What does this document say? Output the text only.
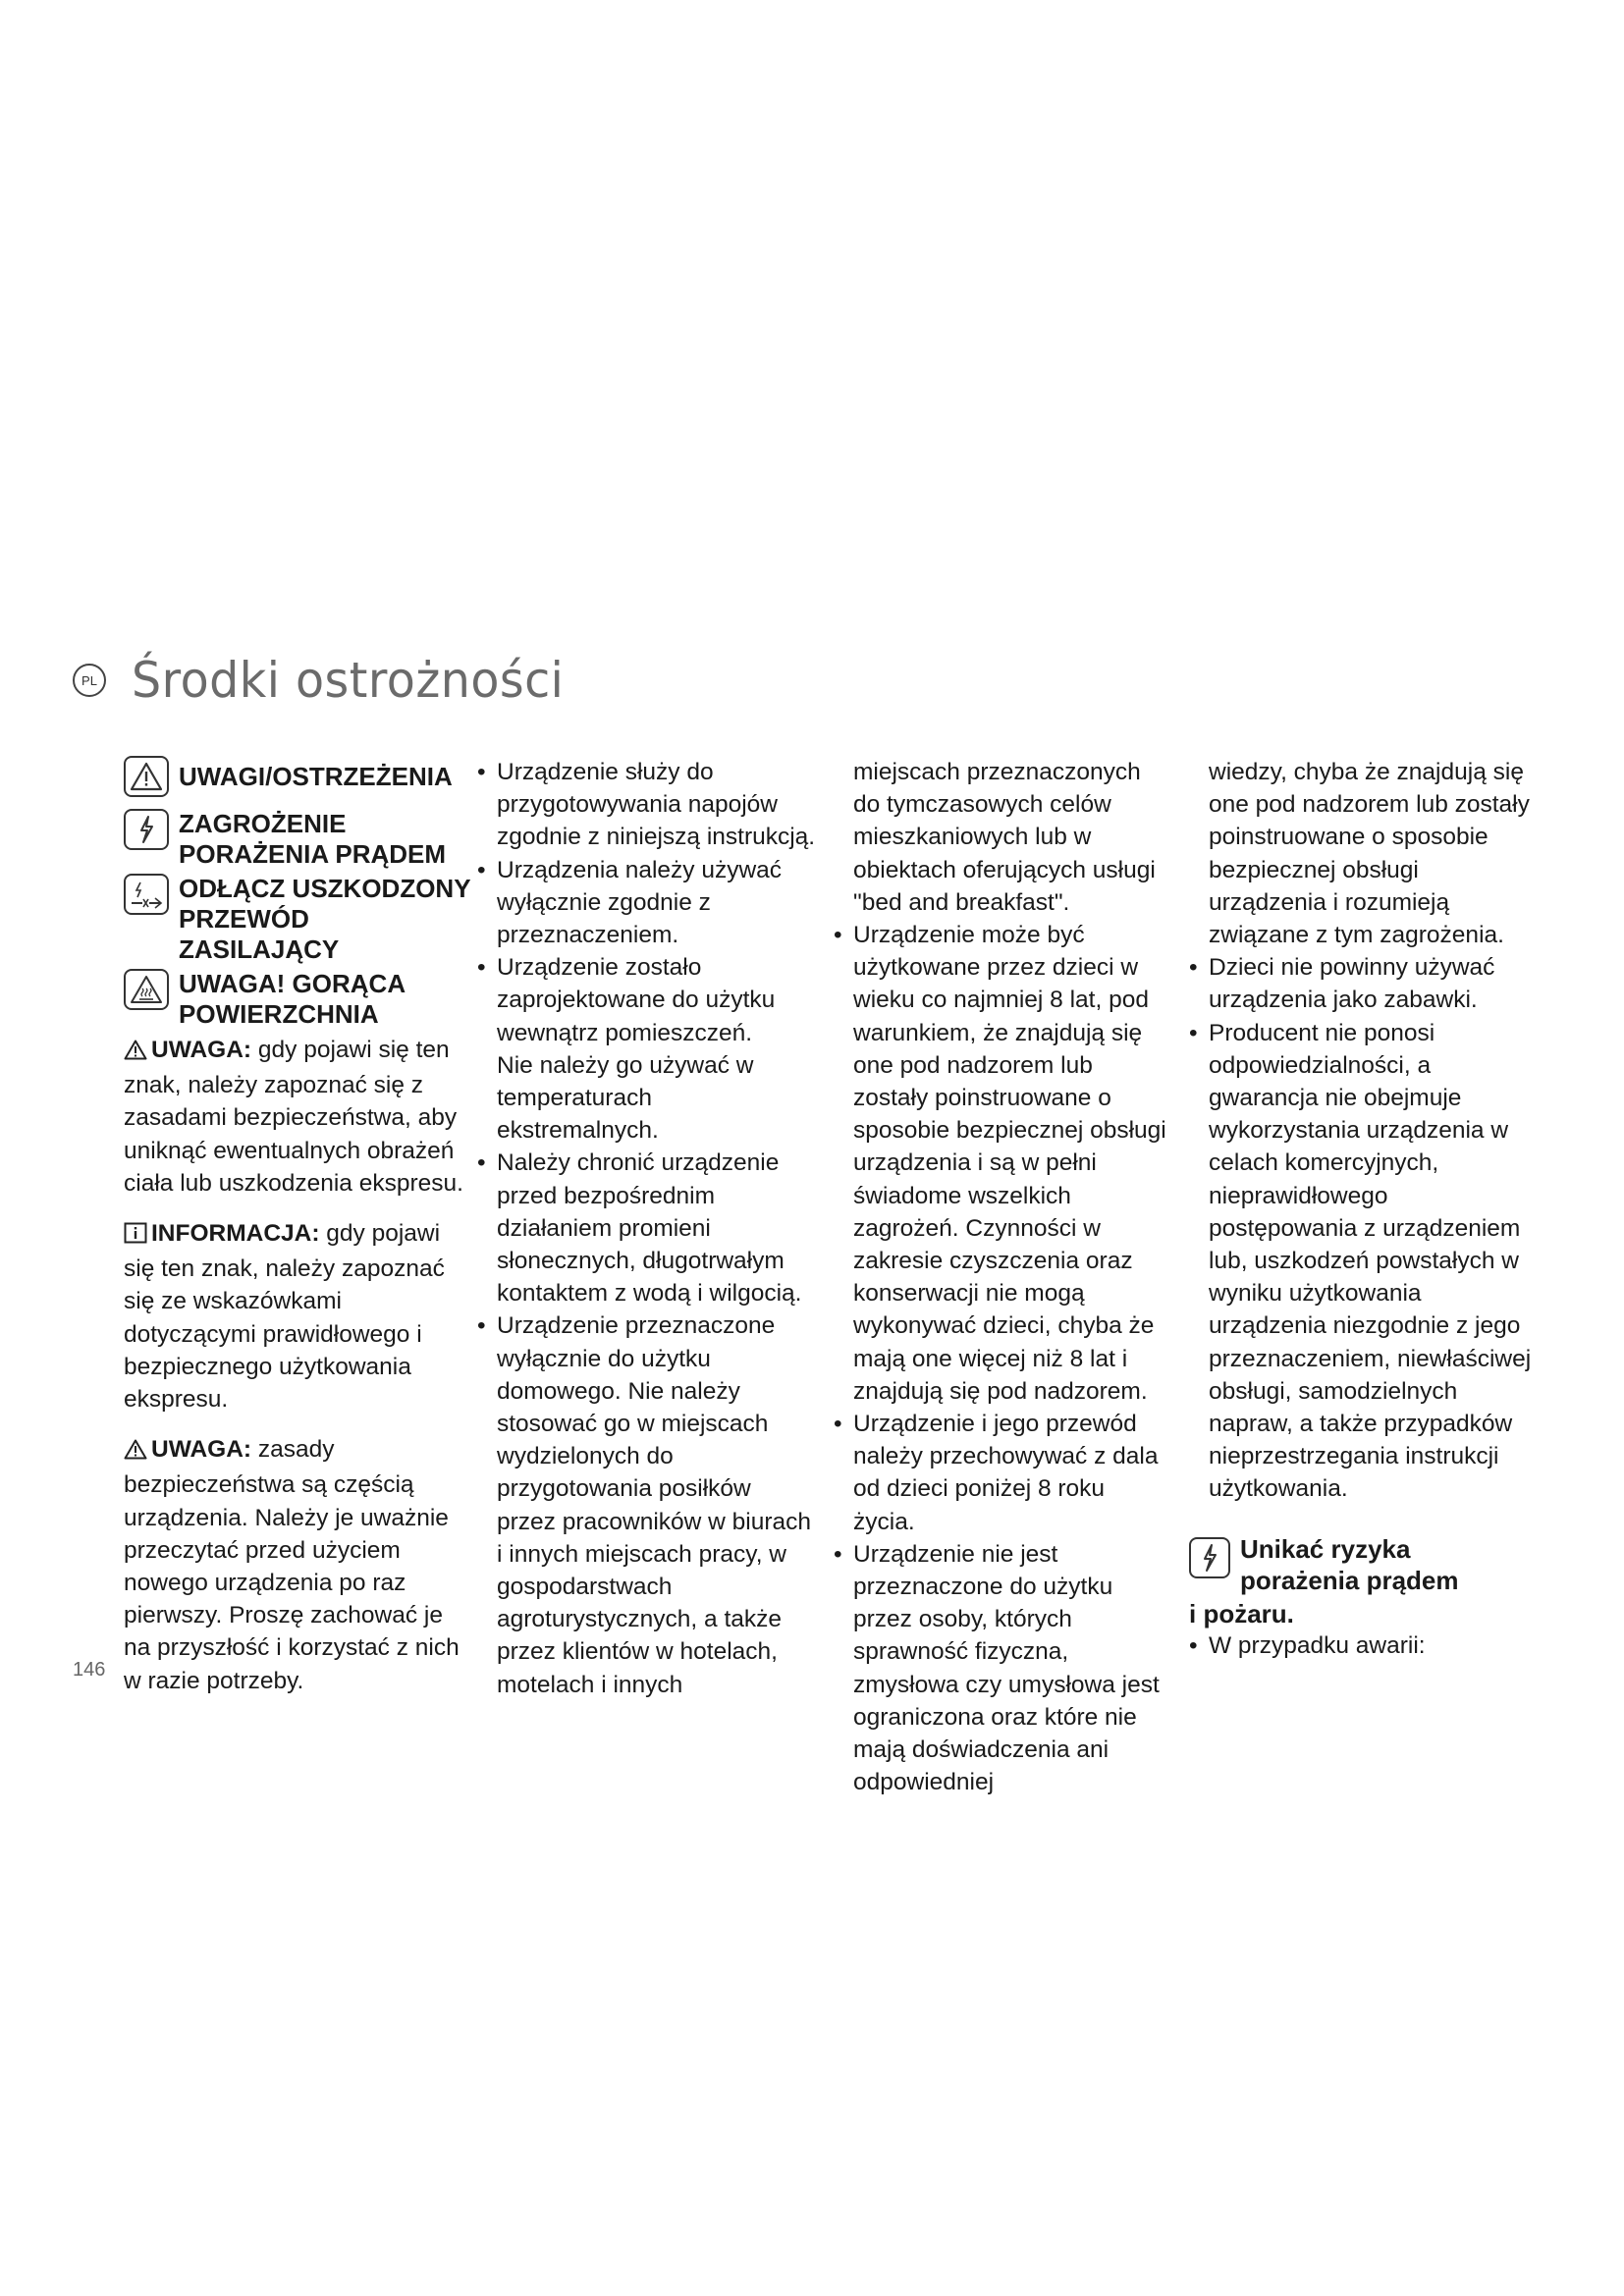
PL Środki ostrożności
UWAGI/OSTRZEŻENIA
ZAGROŻENIE PORAŻENIA PRĄDEM
ODŁĄCZ USZKODZONY PRZEWÓD ZASILAJĄCY
UWAGA! GORĄCA POWIERZCHNIA

UWAGA: gdy pojawi się ten znak, należy zapoznać się z zasadami bezpieczeństwa, aby uniknąć ewentualnych obrażeń ciała lub uszkodzenia ekspresu.

INFORMACJA: gdy pojawi się ten znak, należy zapoznać się ze wskazówkami dotyczącymi prawidłowego i bezpiecznego użytkowania ekspresu.

UWAGA: zasady bezpieczeństwa są częścią urządzenia. Należy je uważnie przeczytać przed użyciem nowego urządzenia po raz pierwszy. Proszę zachować je na przyszłość i korzystać z nich w razie potrzeby.

• Urządzenie służy do przygotowywania napojów zgodnie z niniejszą instrukcją.
• Urządzenia należy używać wyłącznie zgodnie z przeznaczeniem.
• Urządzenie zostało zaprojektowane do użytku wewnątrz pomieszczeń.
Nie należy go używać w temperaturach ekstremalnych.
• Należy chronić urządzenie przed bezpośrednim działaniem promieni słonecznych, długotrwałym kontaktem z wodą i wilgocią.
• Urządzenie przeznaczone wyłącznie do użytku domowego. Nie należy stosować go w miejscach wydzielonych do przygotowania posiłków przez pracowników w biurach i innych miejscach pracy, w gospodarstwach agroturystycznych, a także przez klientów w hotelach, motelach i innych
miejscach przeznaczonych do tymczasowych celów mieszkaniowych lub w obiektach oferujących usługi "bed and breakfast".
• Urządzenie może być użytkowane przez dzieci w wieku co najmniej 8 lat, pod warunkiem, że znajdują się one pod nadzorem lub zostały poinstruowane o sposobie bezpiecznej obsługi urządzenia i są w pełni świadome wszelkich zagrożeń. Czynności w zakresie czyszczenia oraz konserwacji nie mogą wykonywać dzieci, chyba że mają one więcej niż 8 lat i znajdują się pod nadzorem.
• Urządzenie i jego przewód należy przechowywać z dala od dzieci poniżej 8 roku życia.
• Urządzenie nie jest przeznaczone do użytku przez osoby, których sprawność fizyczna, zmysłowa czy umysłowa jest ograniczona oraz które nie mają doświadczenia ani odpowiedniej
wiedzy, chyba że znajdują się one pod nadzorem lub zostały poinstruowane o sposobie bezpiecznej obsługi urządzenia i rozumieją związane z tym zagrożenia.
• Dzieci nie powinny używać urządzenia jako zabawki.
• Producent nie ponosi odpowiedzialności, a gwarancja nie obejmuje wykorzystania urządzenia w celach komercyjnych, nieprawidłowego postępowania z urządzeniem lub, uszkodzeń powstałych w wyniku użytkowania urządzenia niezgodnie z jego przeznaczeniem, niewłaściwej obsługi, samodzielnych napraw, a także przypadków nieprzestrzegania instrukcji użytkowania.
Unikać ryzyka
porażenia prądem
i pożaru.
• W przypadku awarii:
146
